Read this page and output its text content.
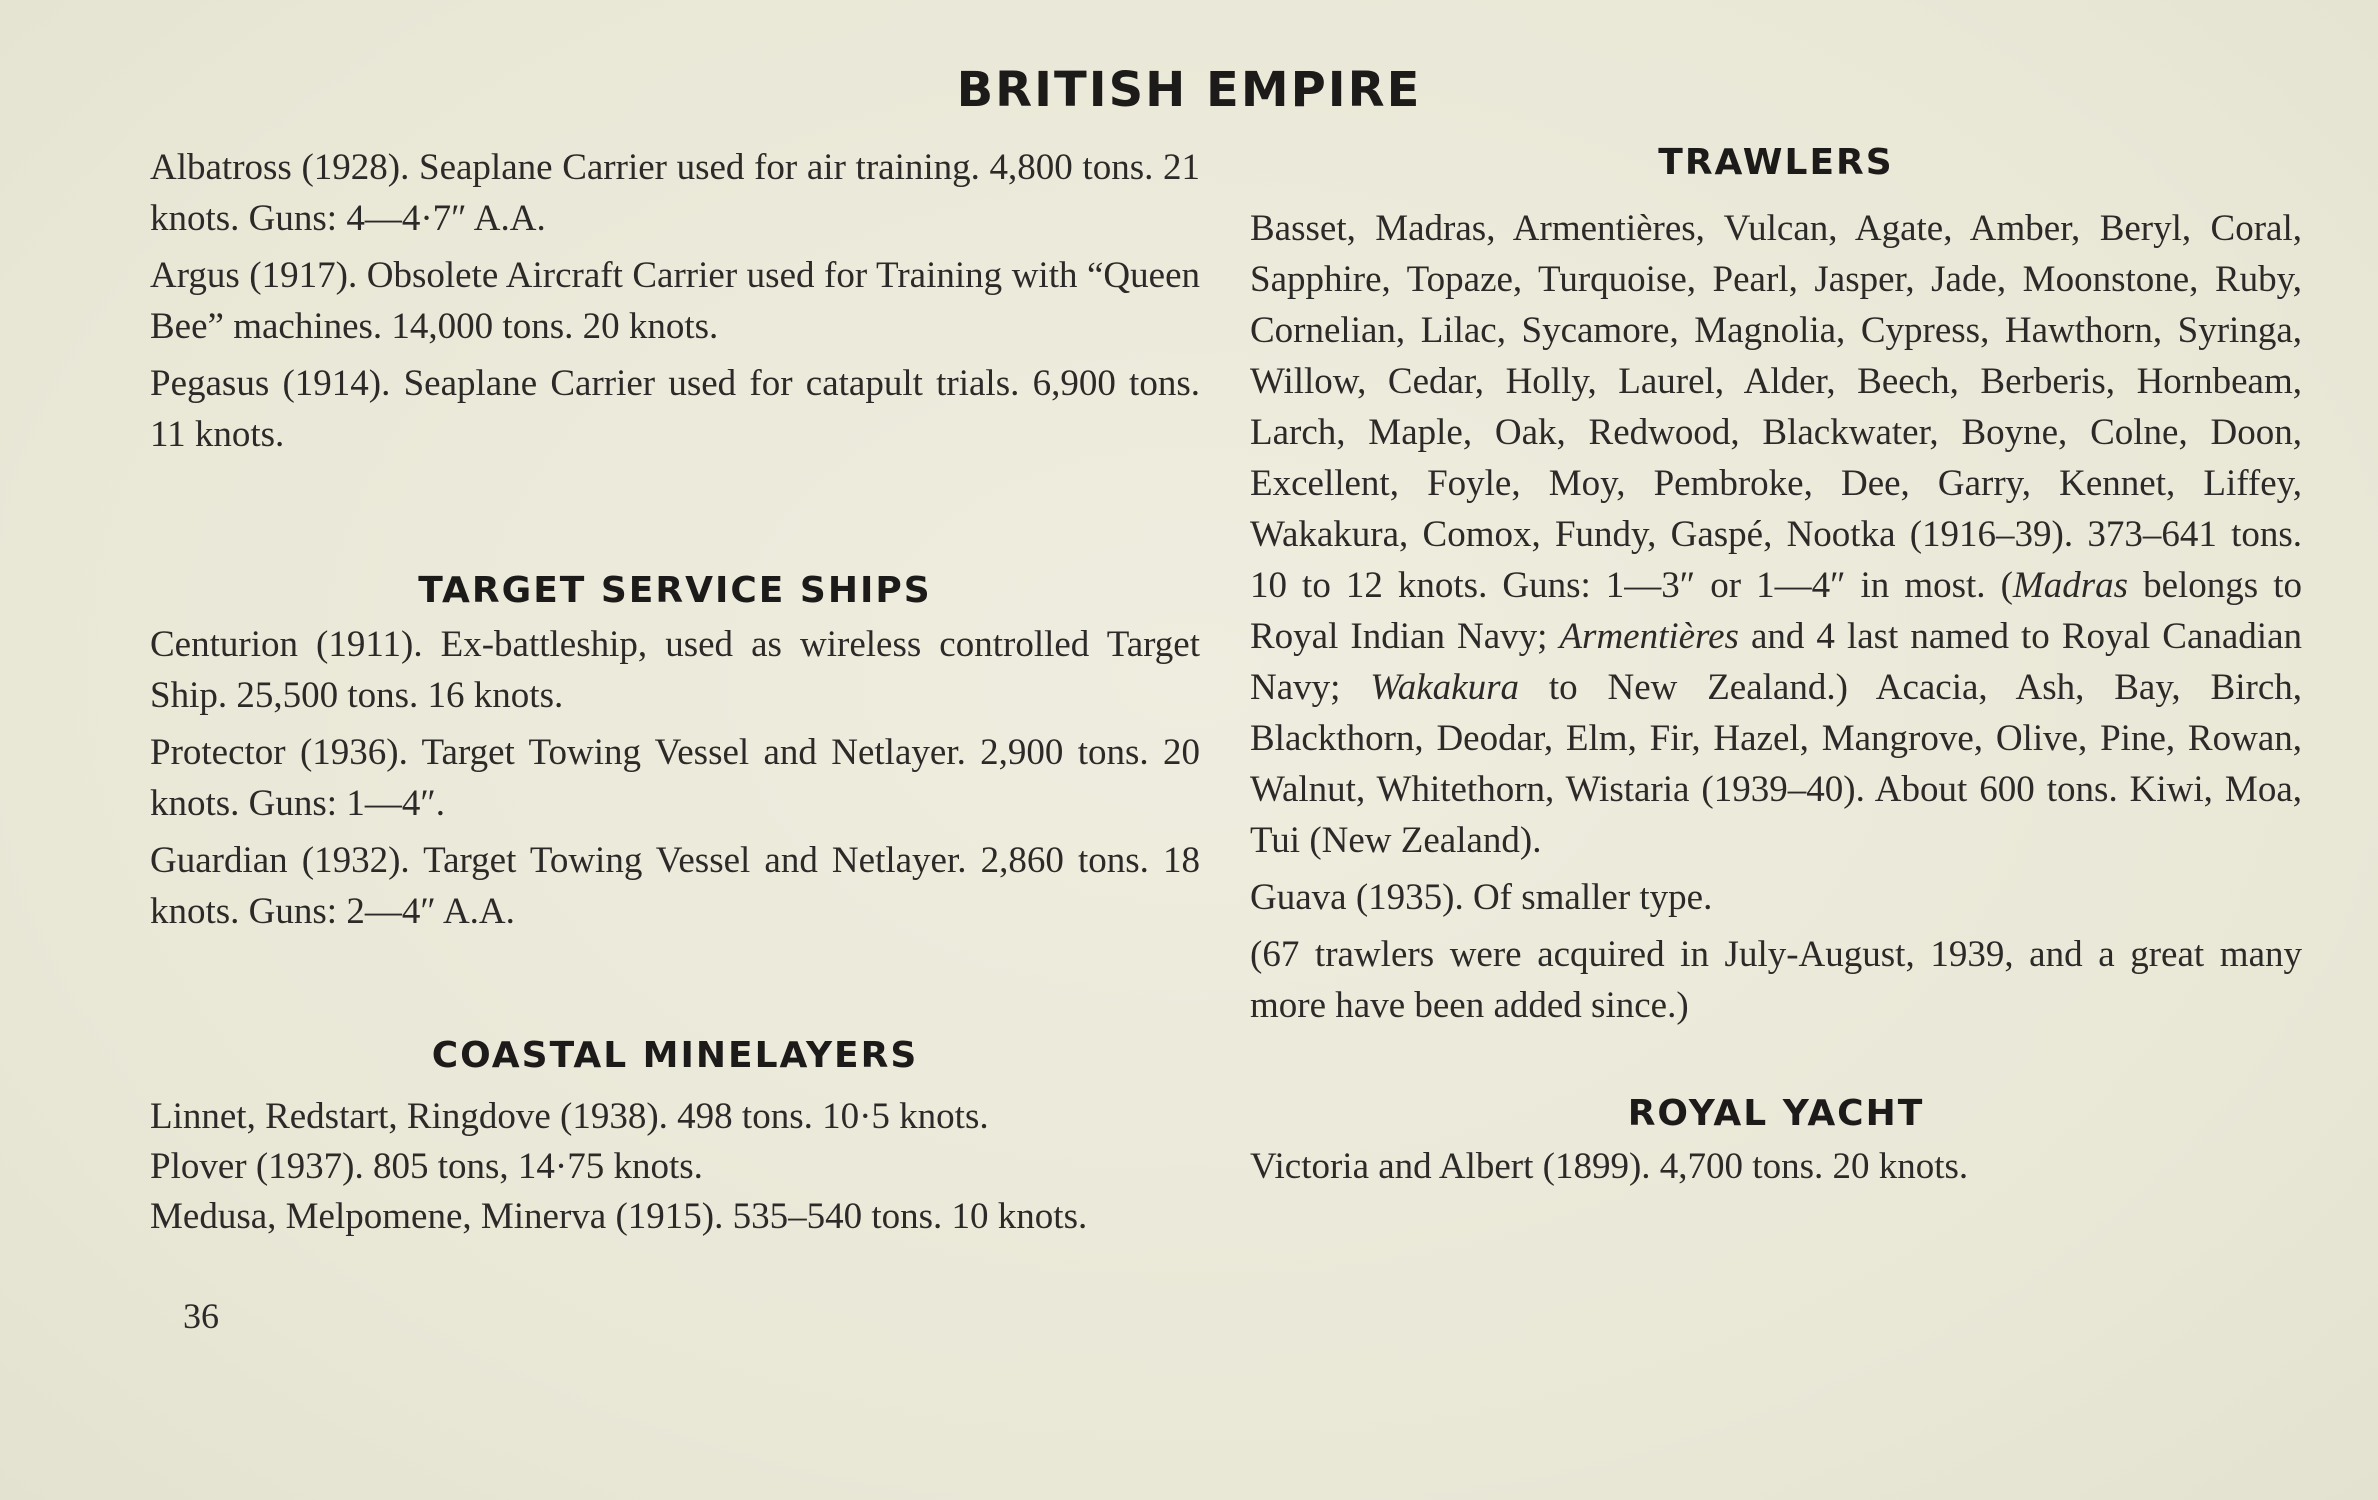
BRITISH EMPIRE

Albatross (1928). Seaplane Carrier used for air training. 4,800 tons. 21 knots. Guns: 4—4·7″ A.A.

Argus (1917). Obsolete Aircraft Carrier used for Training with “Queen Bee” machines. 14,000 tons. 20 knots.

Pegasus (1914). Seaplane Carrier used for catapult trials. 6,900 tons. 11 knots.

TARGET SERVICE SHIPS

Centurion (1911). Ex-battleship, used as wireless controlled Target Ship. 25,500 tons. 16 knots.

Protector (1936). Target Towing Vessel and Netlayer. 2,900 tons. 20 knots. Guns: 1—4″.

Guardian (1932). Target Towing Vessel and Netlayer. 2,860 tons. 18 knots. Guns: 2—4″ A.A.

COASTAL MINELAYERS

Linnet, Redstart, Ringdove (1938). 498 tons. 10·5 knots.

Plover (1937). 805 tons, 14·75 knots.

Medusa, Melpomene, Minerva (1915). 535–540 tons. 10 knots.

TRAWLERS

Basset, Madras, Armentières, Vulcan, Agate, Amber, Beryl, Coral, Sapphire, Topaze, Turquoise, Pearl, Jasper, Jade, Moonstone, Ruby, Cornelian, Lilac, Sycamore, Magnolia, Cypress, Hawthorn, Syringa, Willow, Cedar, Holly, Laurel, Alder, Beech, Berberis, Hornbeam, Larch, Maple, Oak, Redwood, Blackwater, Boyne, Colne, Doon, Excellent, Foyle, Moy, Pembroke, Dee, Garry, Kennet, Liffey, Wakakura, Comox, Fundy, Gaspé, Nootka (1916–39). 373–641 tons. 10 to 12 knots. Guns: 1—3″ or 1—4″ in most. (Madras belongs to Royal Indian Navy; Armentières and 4 last named to Royal Canadian Navy; Wakakura to New Zealand.) Acacia, Ash, Bay, Birch, Blackthorn, Deodar, Elm, Fir, Hazel, Mangrove, Olive, Pine, Rowan, Walnut, Whitethorn, Wistaria (1939–40). About 600 tons. Kiwi, Moa, Tui (New Zealand).

Guava (1935). Of smaller type.

(67 trawlers were acquired in July-August, 1939, and a great many more have been added since.)

ROYAL YACHT

Victoria and Albert (1899). 4,700 tons. 20 knots.

36
